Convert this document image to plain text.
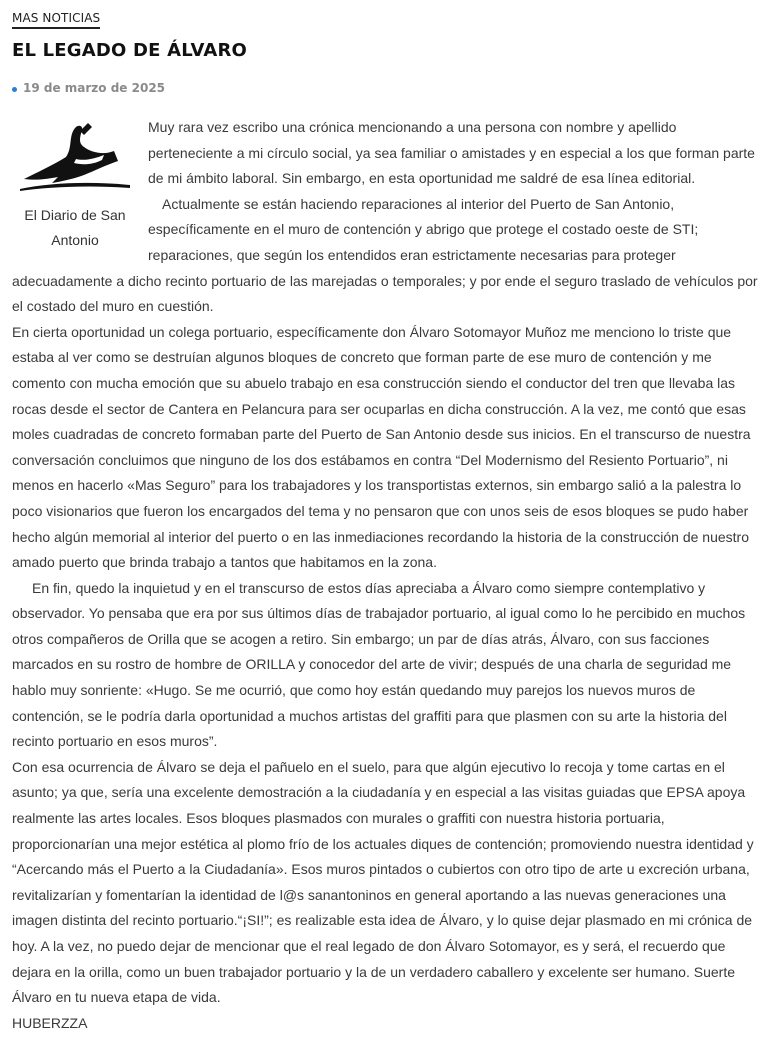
MAS NOTICIAS
EL LEGADO DE ÁLVARO
19 de marzo de 2025
El Diario de San Antonio

Muy rara vez escribo una crónica mencionando a una persona con nombre y apellido perteneciente a mi círculo social, ya sea familiar o amistades y en especial a los que forman parte de mi ámbito laboral. Sin embargo, en esta oportunidad me saldré de esa línea editorial.

Actualmente se están haciendo reparaciones al interior del Puerto de San Antonio, específicamente en el muro de contención y abrigo que protege el costado oeste de STI; reparaciones, que según los entendidos eran estrictamente necesarias para proteger adecuadamente a dicho recinto portuario de las marejadas o temporales; y por ende el seguro traslado de vehículos por el costado del muro en cuestión.

En cierta oportunidad un colega portuario, específicamente don Álvaro Sotomayor Muñoz me menciono lo triste que estaba al ver como se destruían algunos bloques de concreto que forman parte de ese muro de contención y me comento con mucha emoción que su abuelo trabajo en esa construcción siendo el conductor del tren que llevaba las rocas desde el sector de Cantera en Pelancura para ser ocuparlas en dicha construcción. A la vez, me contó que esas moles cuadradas de concreto formaban parte del Puerto de San Antonio desde sus inicios. En el transcurso de nuestra conversación concluimos que ninguno de los dos estábamos en contra “Del Modernismo del Resiento Portuario”, ni menos en hacerlo «Mas Seguro” para los trabajadores y los transportistas externos, sin embargo salió a la palestra lo poco visionarios que fueron los encargados del tema y no pensaron que con unos seis de esos bloques se pudo haber hecho algún memorial al interior del puerto o en las inmediaciones recordando la historia de la construcción de nuestro amado puerto que brinda trabajo a tantos que habitamos en la zona.

En fin, quedo la inquietud y en el transcurso de estos días apreciaba a Álvaro como siempre contemplativo y observador. Yo pensaba que era por sus últimos días de trabajador portuario, al igual como lo he percibido en muchos otros compañeros de Orilla que se acogen a retiro. Sin embargo; un par de días atrás, Álvaro, con sus facciones marcados en su rostro de hombre de ORILLA y conocedor del arte de vivir; después de una charla de seguridad me hablo muy sonriente: «Hugo. Se me ocurrió, que como hoy están quedando muy parejos los nuevos muros de contención, se le podría darla oportunidad a muchos artistas del graffiti para que plasmen con su arte la historia del recinto portuario en esos muros”.

Con esa ocurrencia de Álvaro se deja el pañuelo en el suelo, para que algún ejecutivo lo recoja y tome cartas en el asunto; ya que, sería una excelente demostración a la ciudadanía y en especial a las visitas guiadas que EPSA apoya realmente las artes locales. Esos bloques plasmados con murales o graffiti con nuestra historia portuaria, proporcionarían una mejor estética al plomo frío de los actuales diques de contención; promoviendo nuestra identidad y “Acercando más el Puerto a la Ciudadanía». Esos muros pintados o cubiertos con otro tipo de arte u excreción urbana, revitalizarían y fomentarían la identidad de l@s sanantoninos en general aportando a las nuevas generaciones una imagen distinta del recinto portuario.“¡SI!”; es realizable esta idea de Álvaro, y lo quise dejar plasmado en mi crónica de hoy. A la vez, no puedo dejar de mencionar que el real legado de don Álvaro Sotomayor, es y será, el recuerdo que dejara en la orilla, como un buen trabajador portuario y la de un verdadero caballero y excelente ser humano. Suerte Álvaro en tu nueva etapa de vida.

HUBERZZA
